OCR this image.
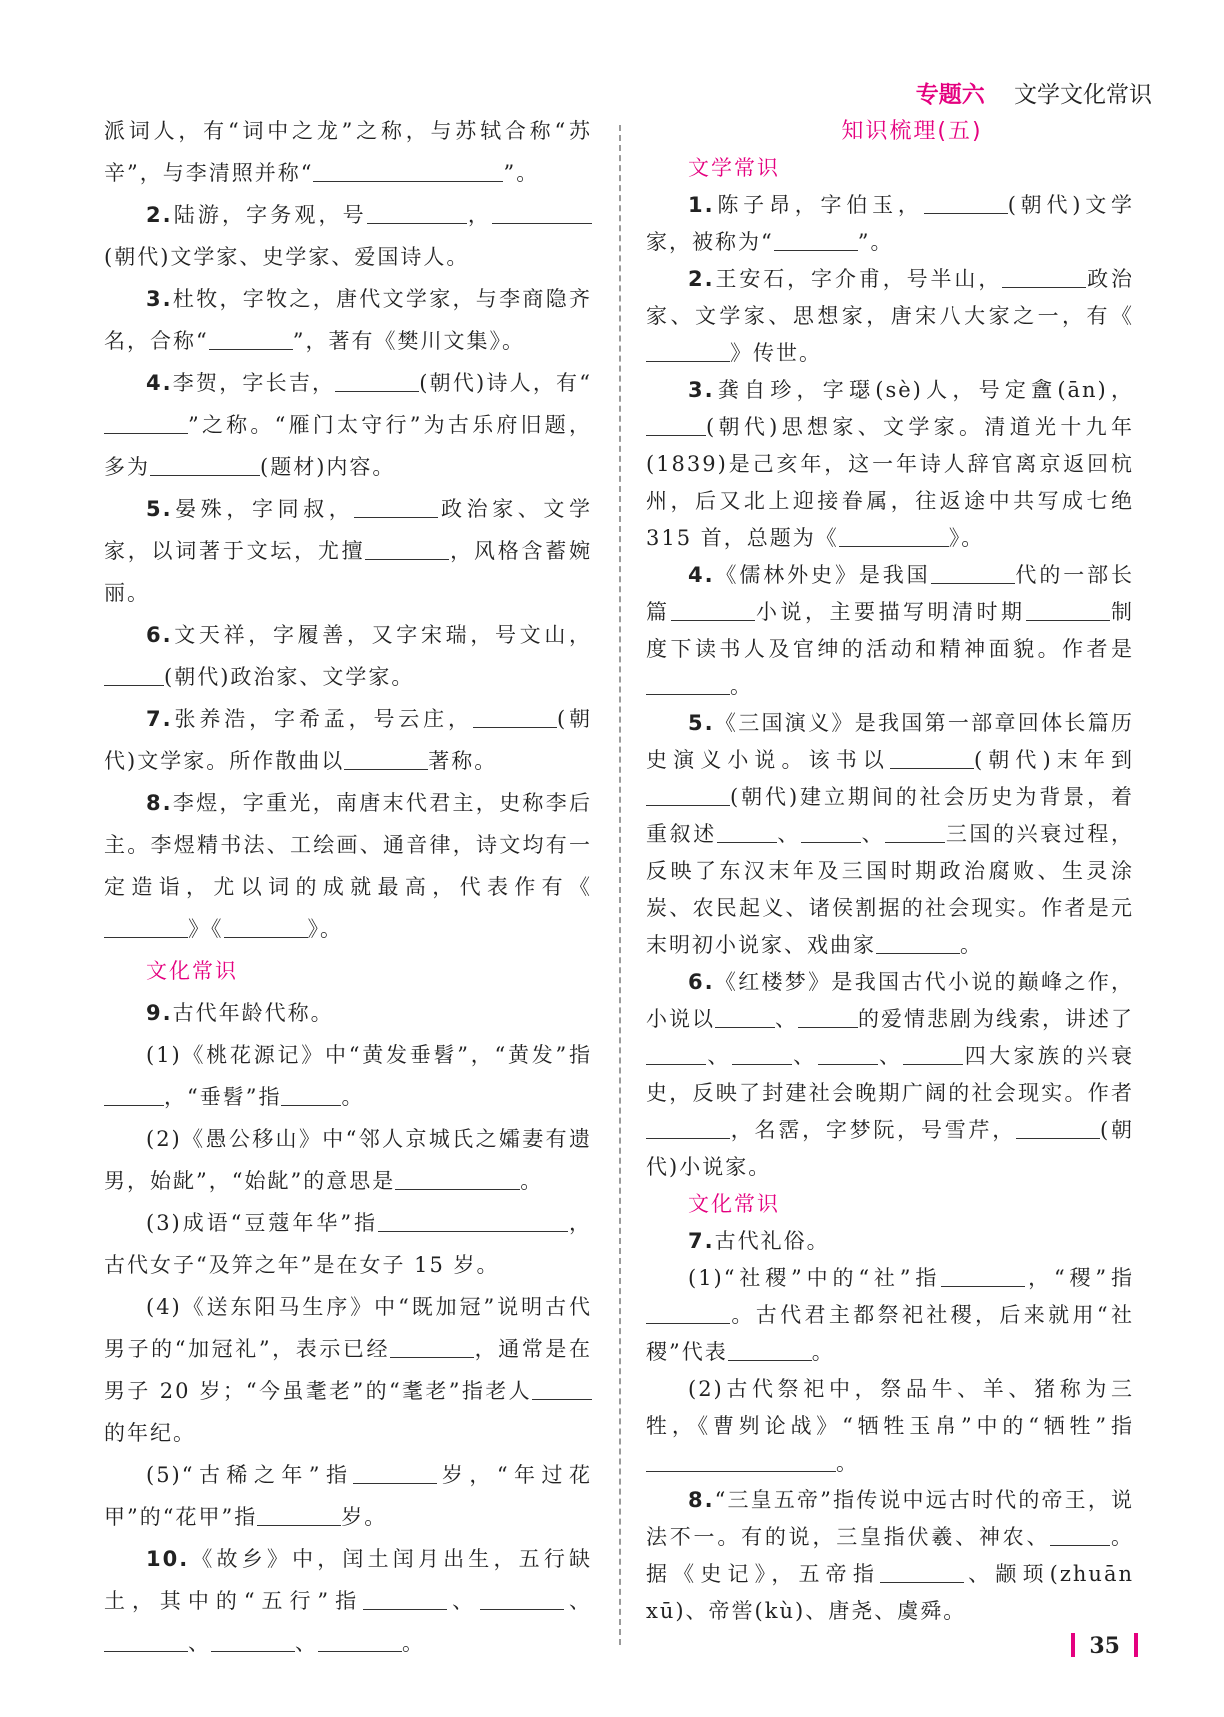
专题六 文学文化常识

派词人，有“词中之龙”之称，与苏轼合称“苏辛”，与李清照并称“	”。

2.陆游，字务观，号	，(朝代)文学家、史学家、爱国诗人。

3.杜牧，字牧之，唐代文学家，与李商隐齐名，合称“	”，著有《樊川文集》。

4.李贺，字长吉，	(朝代)诗人，有“”之称。“雁门太守行”为古乐府旧题，多为	(题材)内容。

5.晏殊，字同叔，	政治家、文学家，以词著于文坛，尤擅	，风格含蓄婉丽。

6.文天祥，字履善，又字宋瑞，号文山，(朝代)政治家、文学家。

7.张养浩，字希孟，号云庄，	(朝代)文学家。所作散曲以	著称。

8.李煜，字重光，南唐末代君主，史称李后主。李煜精书法、工绘画、通音律，诗文均有一定造诣，尤以词的成就最高，代表作有《》《	》。

文化常识

9.古代年龄代称。

(1)《桃花源记》中“黄发垂髫”，“黄发”指，“垂髫”指	。

(2)《愚公移山》中“邻人京城氏之孀妻有遗男，始龀”，“始龀”的意思是	。

(3)成语“豆蔻年华”指	，古代女子“及笄之年”是在女子 15 岁。

(4)《送东阳马生序》中“既加冠”说明古代男子的“加冠礼”，表示已经	，通常是在男子 20 岁；“今虽耄老”的“耄老”指老人的年纪。

(5)“古稀之年”指	岁，“年过花甲”的“花甲”指	岁。

10.《故乡》中，闰土闰月出生，五行缺土，其中的“五行”指	、	、、	、	。

知识梳理(五)

文学常识

1.陈子昂，字伯玉，	(朝代)文学家，被称为“	”。

2.王安石，字介甫，号半山，	政治家、文学家、思想家，唐宋八大家之一，有《》传世。

3.龚自珍，字璱(sè)人，号定盦(ān)，(朝代)思想家、文学家。清道光十九年(1839)是己亥年，这一年诗人辞官离京返回杭州，后又北上迎接眷属，往返途中共写成七绝 315 首，总题为《	》。

4.《儒林外史》是我国	代的一部长篇	小说，主要描写明清时期	制度下读书人及官绅的活动和精神面貌。作者是。

5.《三国演义》是我国第一部章回体长篇历史演义小说。该书以	(朝代)末年到(朝代)建立期间的社会历史为背景，着重叙述	、	、	三国的兴衰过程，反映了东汉末年及三国时期政治腐败、生灵涂炭、农民起义、诸侯割据的社会现实。作者是元末明初小说家、戏曲家	。

6.《红楼梦》是我国古代小说的巅峰之作，小说以	、	的爱情悲剧为线索，讲述了、	、	、	四大家族的兴衰史，反映了封建社会晚期广阔的社会现实。作者，名霑，字梦阮，号雪芹，	(朝代)小说家。

文化常识

7.古代礼俗。

(1)“社稷”中的“社”指	，“稷”指。古代君主都祭祀社稷，后来就用“社稷”代表	。

(2)古代祭祀中，祭品牛、羊、猪称为三牲，《曹刿论战》“牺牲玉帛”中的“牺牲”指。

8.“三皇五帝”指传说中远古时代的帝王，说法不一。有的说，三皇指伏羲、神农、	。据《史记》，五帝指	、颛顼(zhuān xū)、帝喾(kù)、唐尧、虞舜。

35
